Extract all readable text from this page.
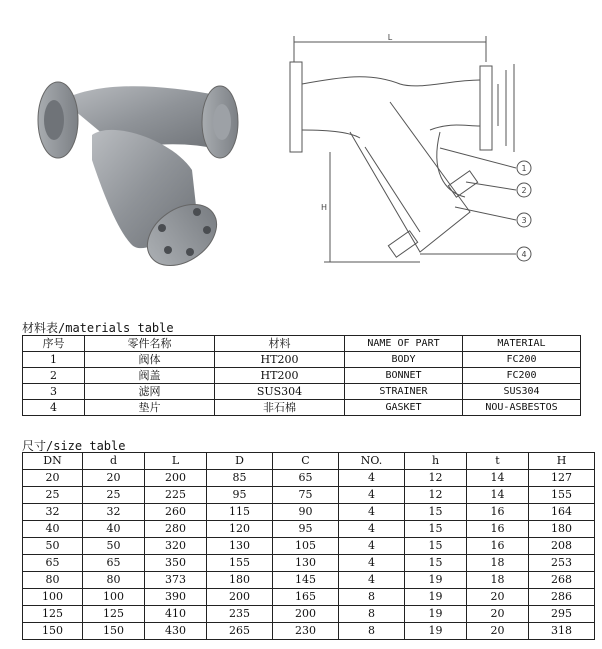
L
H
1
2
3
4
材料表/materials table
序号	零件名称	材料	NAME OF PART	MATERIAL
1	阀体	HT200	BODY	FC200
2	阀盖	HT200	BONNET	FC200
3	滤网	SUS304	STRAINER	SUS304
4	垫片	非石棉	GASKET	NOU-ASBESTOS
尺寸/size table
DN	d	L	D	C	NO.	h	t	H
20	20	200	85	65	4	12	14	127
25	25	225	95	75	4	12	14	155
32	32	260	115	90	4	15	16	164
40	40	280	120	95	4	15	16	180
50	50	320	130	105	4	15	16	208
65	65	350	155	130	4	15	18	253
80	80	373	180	145	4	19	18	268
100	100	390	200	165	8	19	20	286
125	125	410	235	200	8	19	20	295
150	150	430	265	230	8	19	20	318
